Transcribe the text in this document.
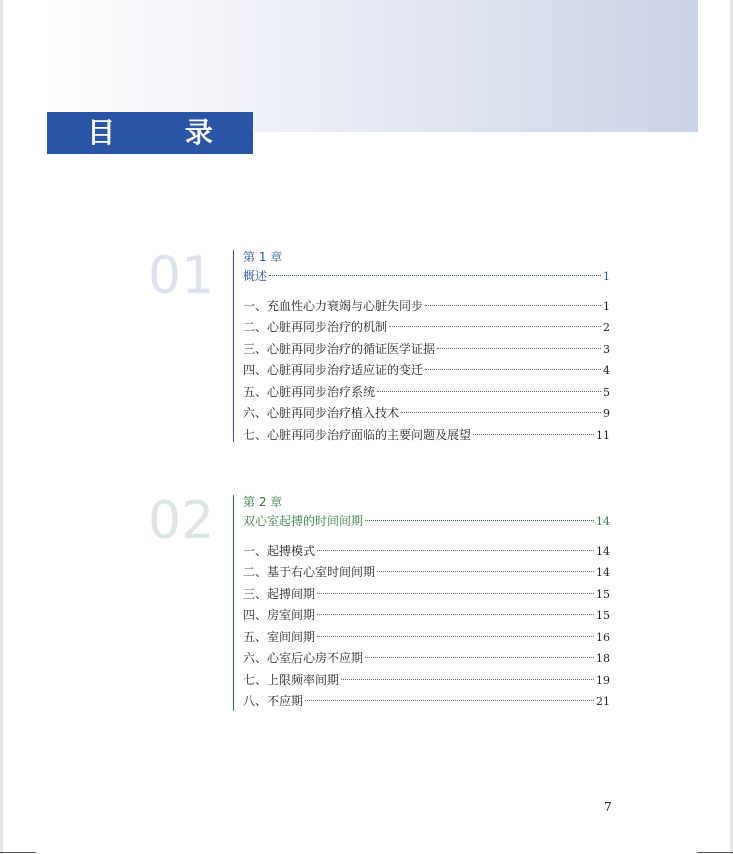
目 录
01 第 1 章
概述	1
一、充血性心力衰竭与心脏失同步	1
二、心脏再同步治疗的机制	2
三、心脏再同步治疗的循证医学证据	3
四、心脏再同步治疗适应证的变迁	4
五、心脏再同步治疗系统	5
六、心脏再同步治疗植入技术	9
七、心脏再同步治疗面临的主要问题及展望	11
02 第 2 章
双心室起搏的时间间期	14
一、起搏模式	14
二、基于右心室时间间期	14
三、起搏间期	15
四、房室间期	15
五、室间间期	16
六、心室后心房不应期	18
七、上限频率间期	19
八、不应期	21
7
